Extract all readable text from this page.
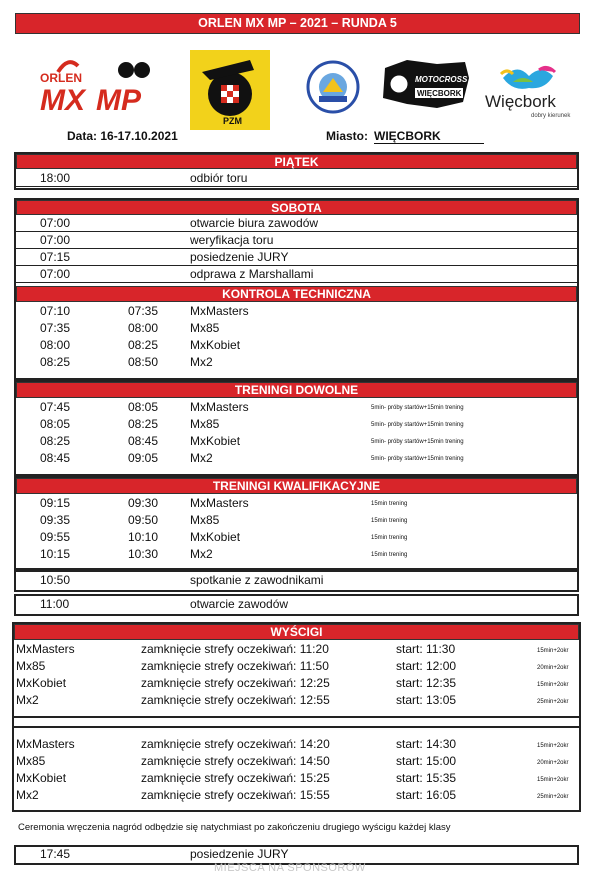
ORLEN MX MP – 2021 – RUNDA 5
ORLEN
MX MP
PZM
MOTOCROSS
WIĘCBORK Więcbork
dobry kierunek
Data: 16-17.10.2021	Miasto: WIĘCBORK
PIĄTEK
18:00	odbiór toru
SOBOTA
07:00	otwarcie biura zawodów
07:00	weryfikacja toru
07:15	posiedzenie JURY
07:00	odprawa z Marshallami
KONTROLA TECHNICZNA
07:10	07:35	MxMasters
07:35	08:00	Mx85
08:00	08:25	MxKobiet
08:25	08:50	Mx2
TRENINGI DOWOLNE
07:45	08:05	MxMasters	5min- próby startów+15min trening
08:05	08:25	Mx85	5min- próby startów+15min trening
08:25	08:45	MxKobiet	5min- próby startów+15min trening
08:45	09:05	Mx2	5min- próby startów+15min trening
TRENINGI KWALIFIKACYJNE
09:15	09:30	MxMasters	15min trening
09:35	09:50	Mx85	15min trening
09:55	10:10	MxKobiet	15min trening
10:15	10:30	Mx2	15min trening
10:50	spotkanie z zawodnikami
11:00	otwarcie zawodów
WYŚCIGI
MxMasters	zamknięcie strefy oczekiwań: 11:20	start: 11:30	15min+2okr
Mx85	zamknięcie strefy oczekiwań: 11:50	start: 12:00	20min+2okr
MxKobiet	zamknięcie strefy oczekiwań: 12:25	start: 12:35	15min+2okr
Mx2	zamknięcie strefy oczekiwań: 12:55	start: 13:05	25min+2okr
MxMasters	zamknięcie strefy oczekiwań: 14:20	start: 14:30	15min+2okr
Mx85	zamknięcie strefy oczekiwań: 14:50	start: 15:00	20min+2okr
MxKobiet	zamknięcie strefy oczekiwań: 15:25	start: 15:35	15min+2okr
Mx2	zamknięcie strefy oczekiwań: 15:55	start: 16:05	25min+2okr
Ceremonia wręczenia nagród odbędzie się natychmiast po zakończeniu drugiego wyścigu każdej klasy
17:45	posiedzenie JURY
MIEJSCA NA SPONSORÓW
